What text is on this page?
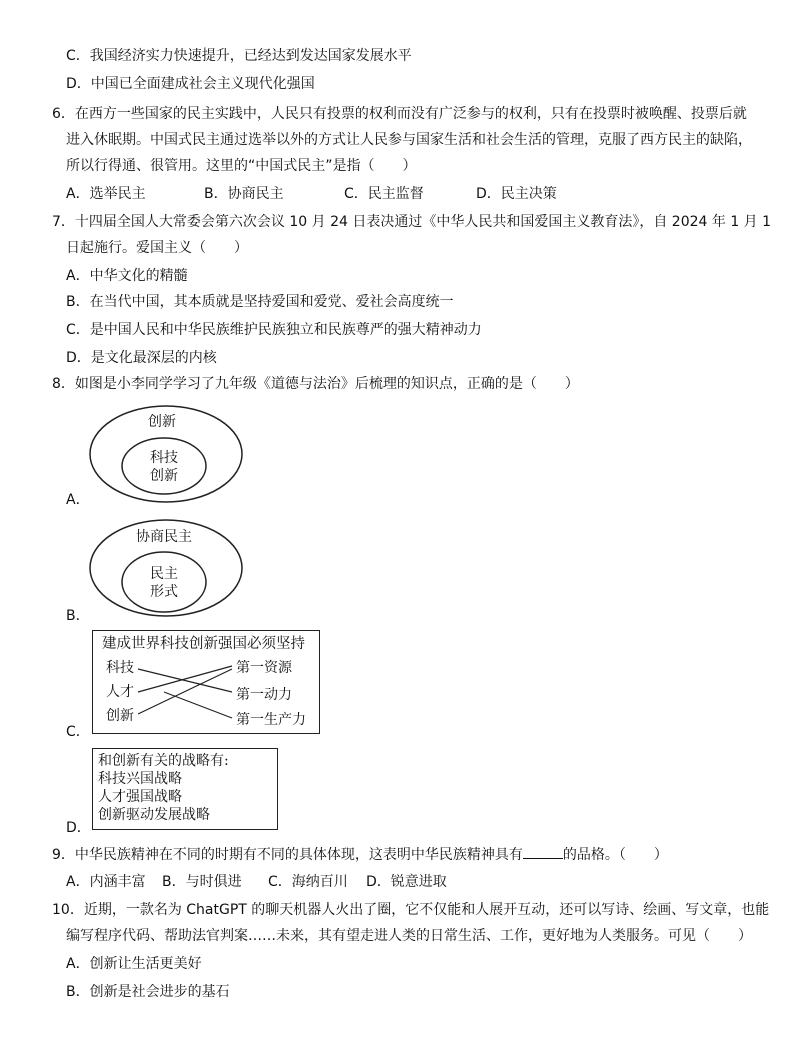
C．我国经济实力快速提升，已经达到发达国家发展水平
D．中国已全面建成社会主义现代化强国
6．在西方一些国家的民主实践中，人民只有投票的权利而没有广泛参与的权利，只有在投票时被唤醒、投票后就
进入休眠期。中国式民主通过选举以外的方式让人民参与国家生活和社会生活的管理，克服了西方民主的缺陷，
所以行得通、很管用。这里的“中国式民主”是指（　　）
A．选举民主	B．协商民主	C．民主监督	D．民主决策
7．十四届全国人大常委会第六次会议 10 月 24 日表决通过《中华人民共和国爱国主义教育法》，自 2024 年 1 月 1
日起施行。爱国主义（　　）
A．中华文化的精髓
B．在当代中国，其本质就是坚持爱国和爱党、爱社会高度统一
C．是中国人民和中华民族维护民族独立和民族尊严的强大精神动力
D．是文化最深层的内核
8．如图是小李同学学习了九年级《道德与法治》后梳理的知识点，正确的是（　　）
创新
科技
创新
A．
协商民主
民主
形式
B．
建成世界科技创新强国必须坚持
科技
人才
创新
第一资源
第一动力
第一生产力
C．
和创新有关的战略有:
科技兴国战略
人才强国战略
创新驱动发展战略
D．
9．中华民族精神在不同的时期有不同的具体体现，这表明中华民族精神具有	的品格。（　　）
A．内涵丰富 B．与时俱进 C．海纳百川 D．锐意进取
10．近期，一款名为 ChatGPT 的聊天机器人火出了圈，它不仅能和人展开互动，还可以写诗、绘画、写文章，也能
编写程序代码、帮助法官判案……未来，其有望走进人类的日常生活、工作，更好地为人类服务。可见（　　）
A．创新让生活更美好
B．创新是社会进步的基石
